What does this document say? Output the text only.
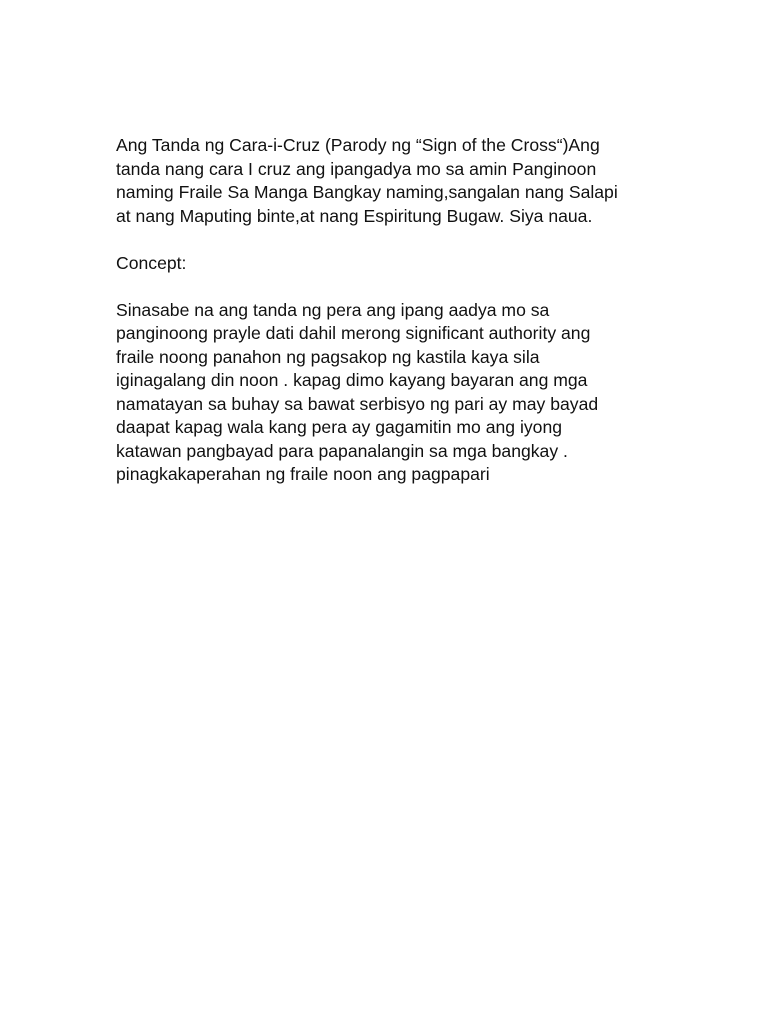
Ang Tanda ng Cara-i-Cruz (Parody ng “Sign of the Cross“)Ang
tanda nang cara I cruz ang ipangadya mo sa amin Panginoon
naming Fraile Sa Manga Bangkay naming,sangalan nang Salapi
at nang Maputing binte,at nang Espiritung Bugaw. Siya naua.

Concept:

Sinasabe na ang tanda ng pera ang ipang aadya mo sa
panginoong prayle dati dahil merong significant authority ang
fraile noong panahon ng pagsakop ng kastila kaya sila
iginagalang din noon . kapag dimo kayang bayaran ang mga
namatayan sa buhay sa bawat serbisyo ng pari ay may bayad
daapat kapag wala kang pera ay gagamitin mo ang iyong
katawan pangbayad para papanalangin sa mga bangkay .
pinagkakaperahan ng fraile noon ang pagpapari
